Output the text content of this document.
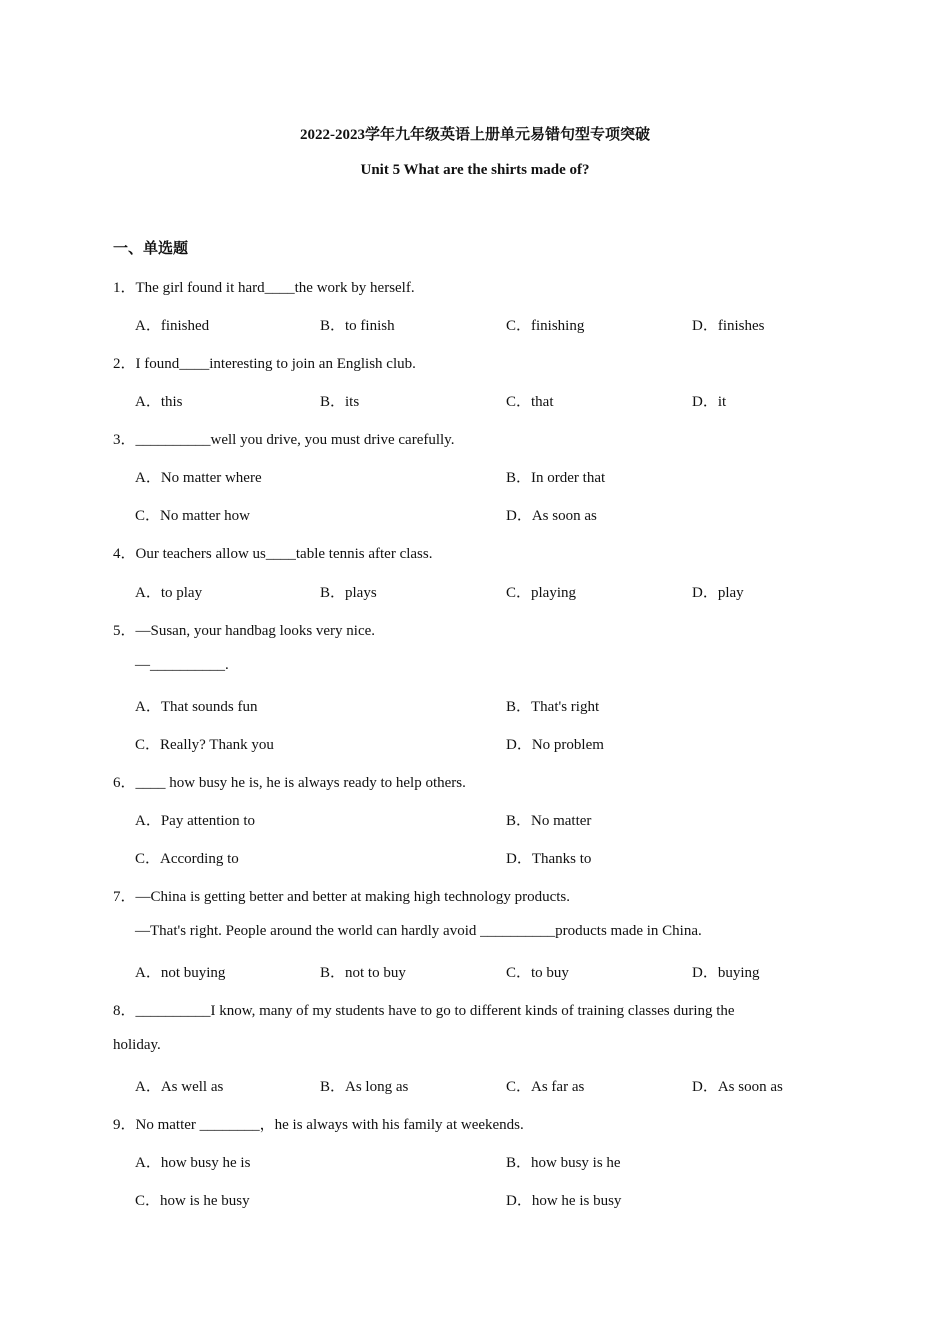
2022-2023学年九年级英语上册单元易错句型专项突破
Unit 5 What are the shirts made of?
一、单选题
1．The girl found it hard____the work by herself.
A．finished	B．to finish	C．finishing	D．finishes
2．I found____interesting to join an English club.
A．this	B．its	C．that	D．it
3．__________well you drive, you must drive carefully.
A．No matter where	B．In order that
C．No matter how	D．As soon as
4．Our teachers allow us____table tennis after class.
A．to play	B．plays	C．playing	D．play
5．—Susan, your handbag looks very nice.
—__________.
A．That sounds fun	B．That's right
C．Really? Thank you	D．No problem
6．____ how busy he is, he is always ready to help others.
A．Pay attention to	B．No matter
C．According to	D．Thanks to
7．—China is getting better and better at making high technology products.
—That's right. People around the world can hardly avoid __________products made in China.
A．not buying	B．not to buy	C．to buy	D．buying
8．__________I know, many of my students have to go to different kinds of training classes during the
holiday.
A．As well as	B．As long as	C．As far as	D．As soon as
9．No matter ________，he is always with his family at weekends.
A．how busy he is	B．how busy is he
C．how is he busy	D．how he is busy
